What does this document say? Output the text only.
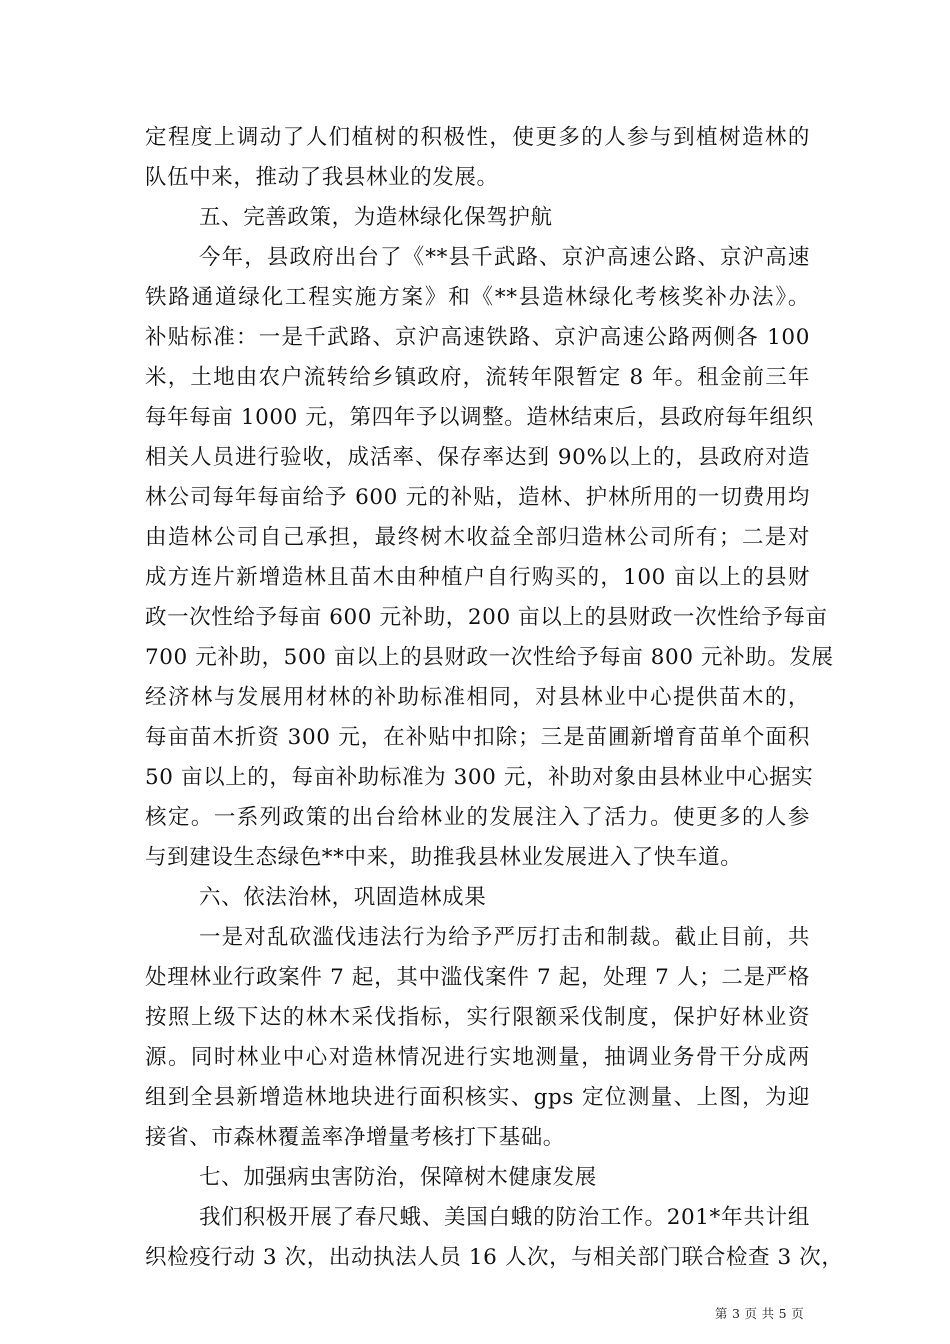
定程度上调动了人们植树的积极性，使更多的人参与到植树造林的
队伍中来，推动了我县林业的发展。
五、完善政策，为造林绿化保驾护航
今年，县政府出台了《**县千武路、京沪高速公路、京沪高速
铁路通道绿化工程实施方案》和《**县造林绿化考核奖补办法》。
补贴标准：一是千武路、京沪高速铁路、京沪高速公路两侧各 100
米，土地由农户流转给乡镇政府，流转年限暂定 8 年。租金前三年
每年每亩 1000 元，第四年予以调整。造林结束后，县政府每年组织
相关人员进行验收，成活率、保存率达到 90%以上的，县政府对造
林公司每年每亩给予 600 元的补贴，造林、护林所用的一切费用均
由造林公司自己承担，最终树木收益全部归造林公司所有；二是对
成方连片新增造林且苗木由种植户自行购买的，100 亩以上的县财
政一次性给予每亩 600 元补助，200 亩以上的县财政一次性给予每亩
700 元补助，500 亩以上的县财政一次性给予每亩 800 元补助。发展
经济林与发展用材林的补助标准相同，对县林业中心提供苗木的，
每亩苗木折资 300 元，在补贴中扣除；三是苗圃新增育苗单个面积
50 亩以上的，每亩补助标准为 300 元，补助对象由县林业中心据实
核定。一系列政策的出台给林业的发展注入了活力。使更多的人参
与到建设生态绿色**中来，助推我县林业发展进入了快车道。
六、依法治林，巩固造林成果
一是对乱砍滥伐违法行为给予严厉打击和制裁。截止目前，共
处理林业行政案件 7 起，其中滥伐案件 7 起，处理 7 人；二是严格
按照上级下达的林木采伐指标，实行限额采伐制度，保护好林业资
源。同时林业中心对造林情况进行实地测量，抽调业务骨干分成两
组到全县新增造林地块进行面积核实、gps 定位测量、上图，为迎
接省、市森林覆盖率净增量考核打下基础。
七、加强病虫害防治，保障树木健康发展
我们积极开展了春尺蛾、美国白蛾的防治工作。201*年共计组
织检疫行动 3 次，出动执法人员 16 人次，与相关部门联合检查 3 次，
第 3 页 共 5 页
